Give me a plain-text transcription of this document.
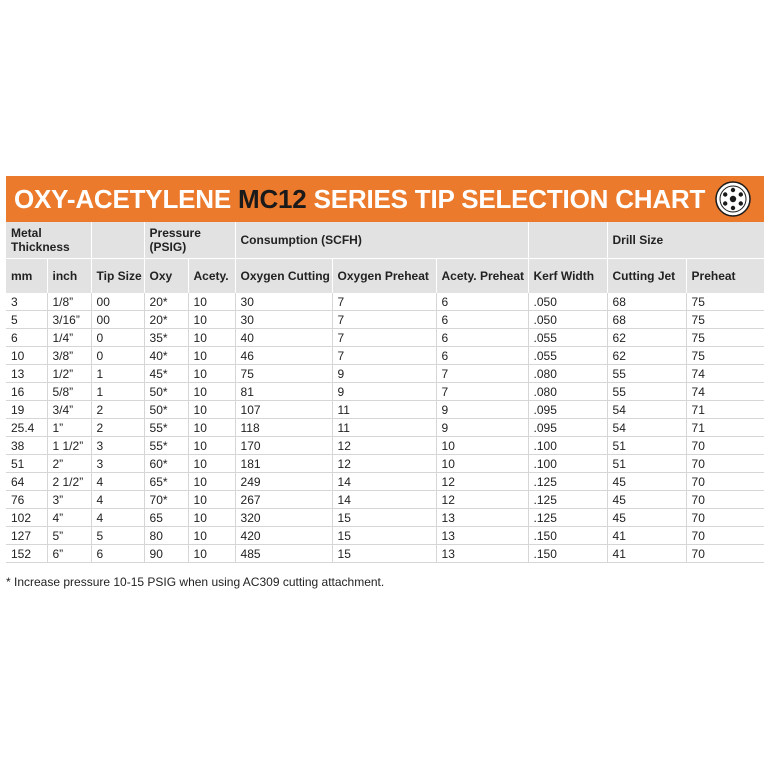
OXY-ACETYLENE MC12 SERIES TIP SELECTION CHART
Metal Thickness			Pressure (PSIG)		Consumption (SCFH)				Drill Size	
mm	inch	Tip Size	Oxy	Acety.	Oxygen Cutting	Oxygen Preheat	Acety. Preheat	Kerf Width	Cutting Jet	Preheat
3	1/8”	00	20*	10	30	7	6	.050	68	75
5	3/16”	00	20*	10	30	7	6	.050	68	75
6	1/4”	0	35*	10	40	7	6	.055	62	75
10	3/8”	0	40*	10	46	7	6	.055	62	75
13	1/2”	1	45*	10	75	9	7	.080	55	74
16	5/8”	1	50*	10	81	9	7	.080	55	74
19	3/4”	2	50*	10	107	11	9	.095	54	71
25.4	1”	2	55*	10	118	11	9	.095	54	71
38	1 1/2”	3	55*	10	170	12	10	.100	51	70
51	2”	3	60*	10	181	12	10	.100	51	70
64	2 1/2”	4	65*	10	249	14	12	.125	45	70
76	3”	4	70*	10	267	14	12	.125	45	70
102	4”	4	65	10	320	15	13	.125	45	70
127	5”	5	80	10	420	15	13	.150	41	70
152	6”	6	90	10	485	15	13	.150	41	70
* Increase pressure 10-15 PSIG when using AC309 cutting attachment.
